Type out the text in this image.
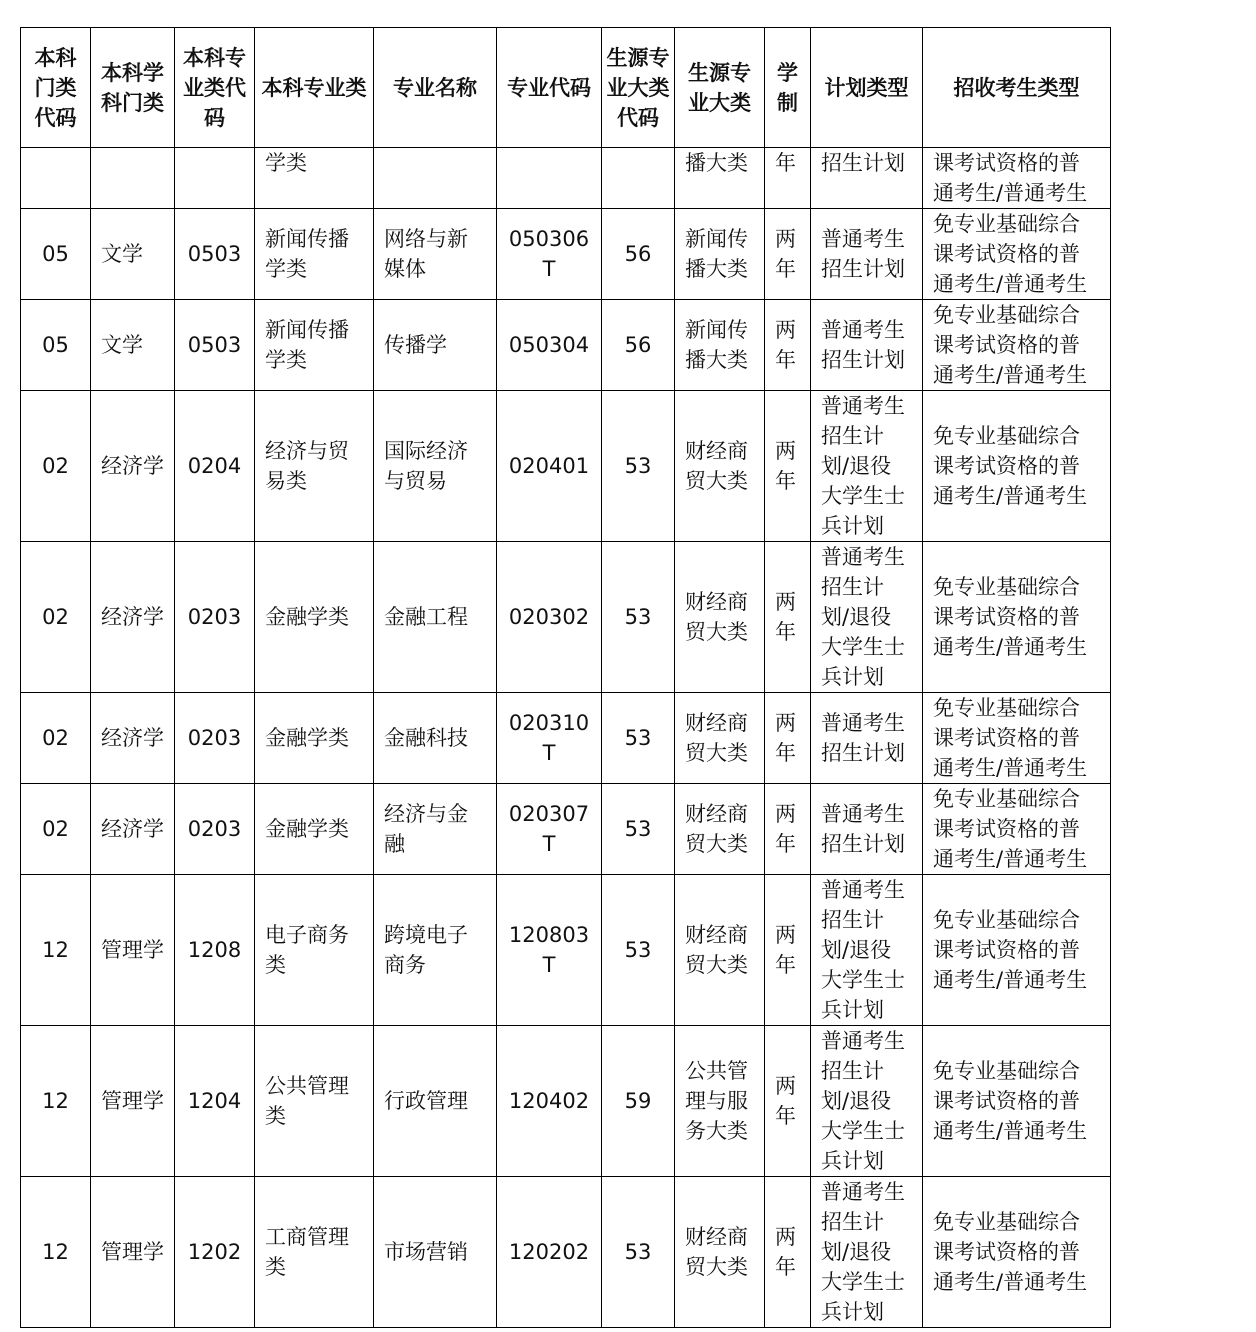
本科门类代码	本科学科门类	本科专业类代码	本科专业类	专业名称	专业代码	生源专业大类代码	生源专业大类	学制	计划类型	招收考生类型
			学类				播大类	年	招生计划	课考试资格的普通考生/普通考生
05	文学	0503	新闻传播学类	网络与新媒体	050306T	56	新闻传播大类	两年	普通考生招生计划	免专业基础综合课考试资格的普通考生/普通考生
05	文学	0503	新闻传播学类	传播学	050304	56	新闻传播大类	两年	普通考生招生计划	免专业基础综合课考试资格的普通考生/普通考生
02	经济学	0204	经济与贸易类	国际经济与贸易	020401	53	财经商贸大类	两年	普通考生招生计划/退役大学生士兵计划	免专业基础综合课考试资格的普通考生/普通考生
02	经济学	0203	金融学类	金融工程	020302	53	财经商贸大类	两年	普通考生招生计划/退役大学生士兵计划	免专业基础综合课考试资格的普通考生/普通考生
02	经济学	0203	金融学类	金融科技	020310T	53	财经商贸大类	两年	普通考生招生计划	免专业基础综合课考试资格的普通考生/普通考生
02	经济学	0203	金融学类	经济与金融	020307T	53	财经商贸大类	两年	普通考生招生计划	免专业基础综合课考试资格的普通考生/普通考生
12	管理学	1208	电子商务类	跨境电子商务	120803T	53	财经商贸大类	两年	普通考生招生计划/退役大学生士兵计划	免专业基础综合课考试资格的普通考生/普通考生
12	管理学	1204	公共管理类	行政管理	120402	59	公共管理与服务大类	两年	普通考生招生计划/退役大学生士兵计划	免专业基础综合课考试资格的普通考生/普通考生
12	管理学	1202	工商管理类	市场营销	120202	53	财经商贸大类	两年	普通考生招生计划/退役大学生士兵计划	免专业基础综合课考试资格的普通考生/普通考生
